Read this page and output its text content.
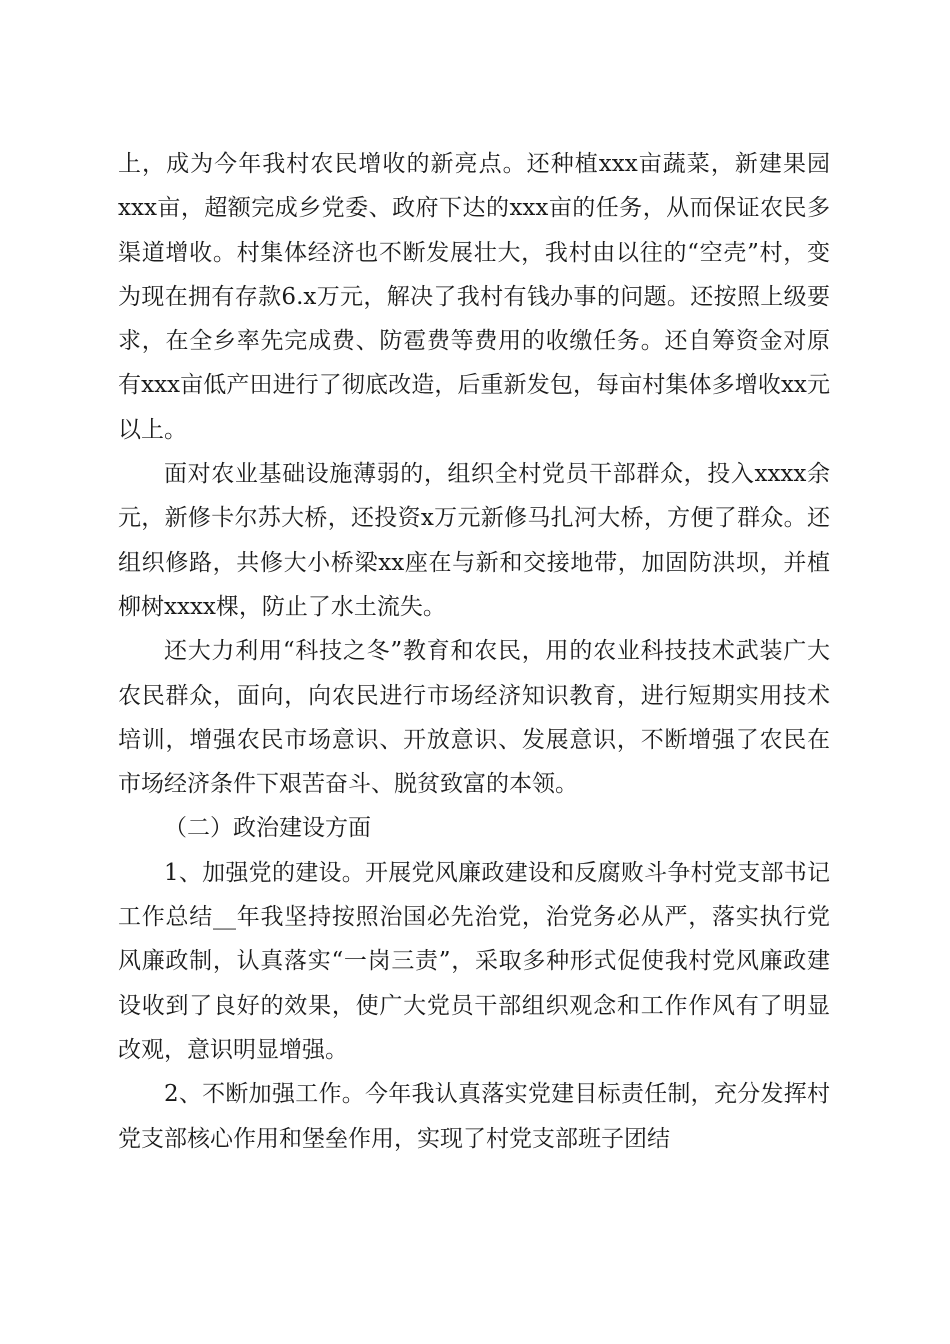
上，成为今年我村农民增收的新亮点。还种植xxx亩蔬菜，新建果园xxx亩，超额完成乡党委、政府下达的xxx亩的任务，从而保证农民多渠道增收。村集体经济也不断发展壮大，我村由以往的“空壳”村，变为现在拥有存款6.x万元，解决了我村有钱办事的问题。还按照上级要求，在全乡率先完成费、防雹费等费用的收缴任务。还自筹资金对原有xxx亩低产田进行了彻底改造，后重新发包，每亩村集体多增收xx元以上。

面对农业基础设施薄弱的，组织全村党员干部群众，投入xxxx余元，新修卡尔苏大桥，还投资x万元新修马扎河大桥，方便了群众。还组织修路，共修大小桥梁xx座在与新和交接地带，加固防洪坝，并植柳树xxxx棵，防止了水土流失。

还大力利用“科技之冬”教育和农民，用的农业科技技术武装广大农民群众，面向，向农民进行市场经济知识教育，进行短期实用技术培训，增强农民市场意识、开放意识、发展意识，不断增强了农民在市场经济条件下艰苦奋斗、脱贫致富的本领。

（二）政治建设方面

1、加强党的建设。开展党风廉政建设和反腐败斗争村党支部书记工作总结__年我坚持按照治国必先治党，治党务必从严，落实执行党风廉政制，认真落实“一岗三责”，采取多种形式促使我村党风廉政建设收到了良好的效果，使广大党员干部组织观念和工作作风有了明显改观，意识明显增强。

2、不断加强工作。今年我认真落实党建目标责任制，充分发挥村党支部核心作用和堡垒作用，实现了村党支部班子团结
